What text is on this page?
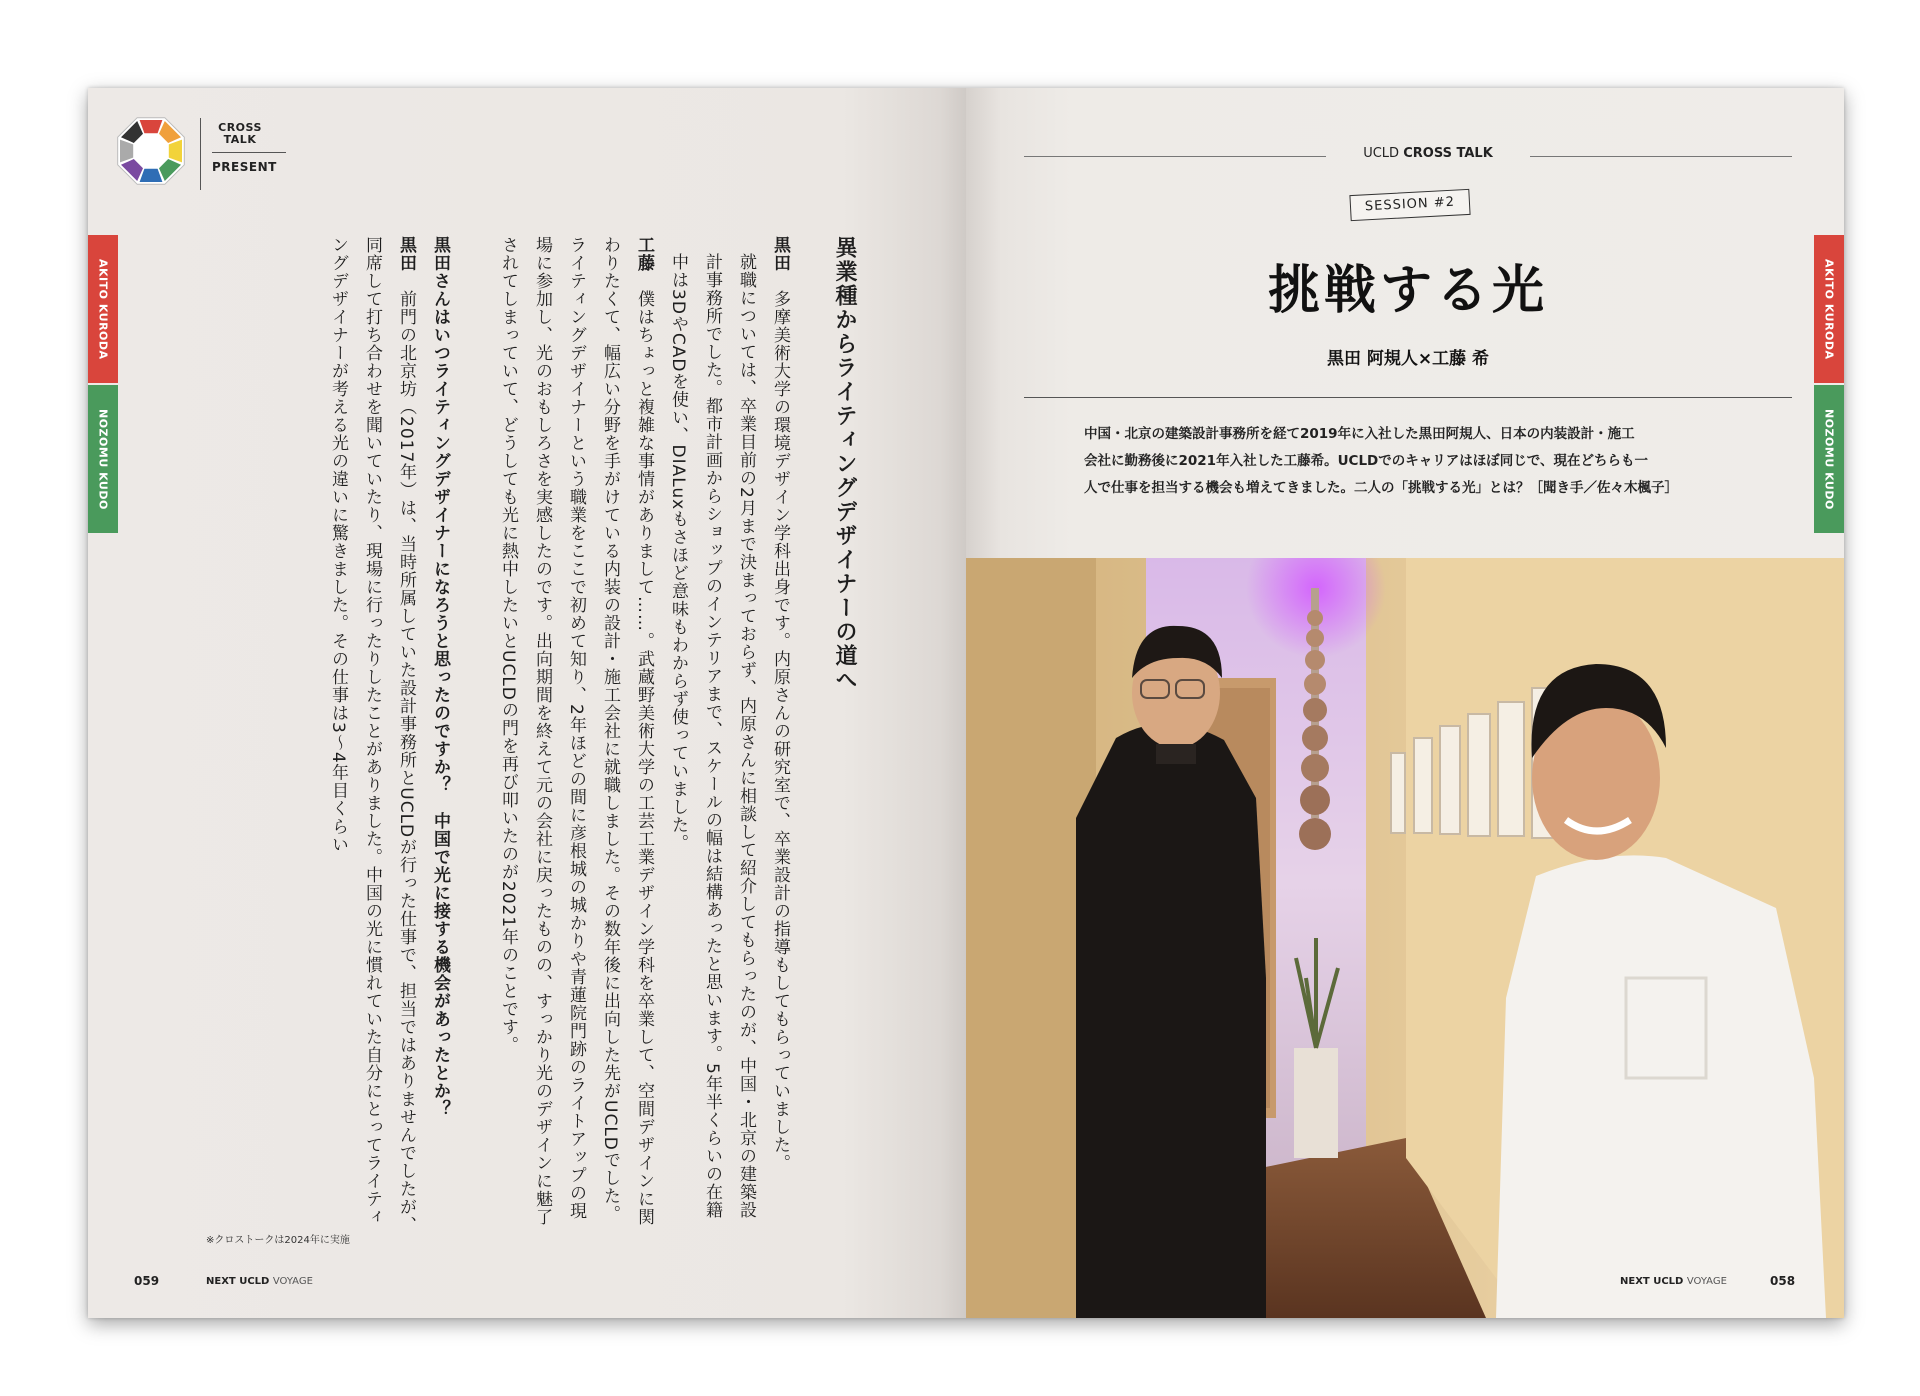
CROSS TALK
PRESENT
AKITO KURODA
NOZOMU KUDO	異業種からライティングデザイナーの道へ

黒田　多摩美術大学の環境デザイン学科出身です。内原さんの研究室で、卒業設計の指導もしてもらっていました。

就職については、卒業目前の2月まで決まっておらず、内原さんに相談して紹介してもらったのが、中国・北京の建築設計事務所でした。都市計画からショップのインテリアまで、スケールの幅は結構あったと思います。5年半くらいの在籍中は3DやCADを使い、DIALuxもさほど意味もわからず使っていました。

工藤　僕はちょっと複雑な事情がありまして……。武蔵野美術大学の工芸工業デザイン学科を卒業して、空間デザインに関わりたくて、幅広い分野を手がけている内装の設計・施工会社に就職しました。その数年後に出向した先がUCLDでした。ライティングデザイナーという職業をここで初めて知り、2年ほどの間に彦根城の城かりや青蓮院門跡のライトアップの現場に参加し、光のおもしろさを実感したのです。出向期間を終えて元の会社に戻ったものの、すっかり光のデザインに魅了されてしまっていて、どうしても光に熱中したいとUCLDの門を再び叩いたのが2021年のことです。

黒田さんはいつライティングデザイナーになろうと思ったのですか？　中国で光に接する機会があったとか？

黒田　前門の北京坊（2017年）は、当時所属していた設計事務所とUCLDが行った仕事で、担当ではありませんでしたが、同席して打ち合わせを聞いていたり、現場に行ったりしたことがありました。中国の光に慣れていた自分にとってライティングデザイナーが考える光の違いに驚きました。その仕事は3～4年目くらい

※クロストークは2024年に実施
059	NEXT UCLD VOYAGE
UCLD CROSS TALK
SESSION #2
挑戦する光
黒田 阿規人×工藤 希

中国・北京の建築設計事務所を経て2019年に入社した黒田阿規人、日本の内装設計・施工

会社に勤務後に2021年入社した工藤希。UCLDでのキャリアはほぼ同じで、現在どちらも一

人で仕事を担当する機会も増えてきました。二人の「挑戦する光」とは？［聞き手／佐々木楓子］

AKITO KURODA
NOZOMU KUDO
NEXT UCLD VOYAGE	058
